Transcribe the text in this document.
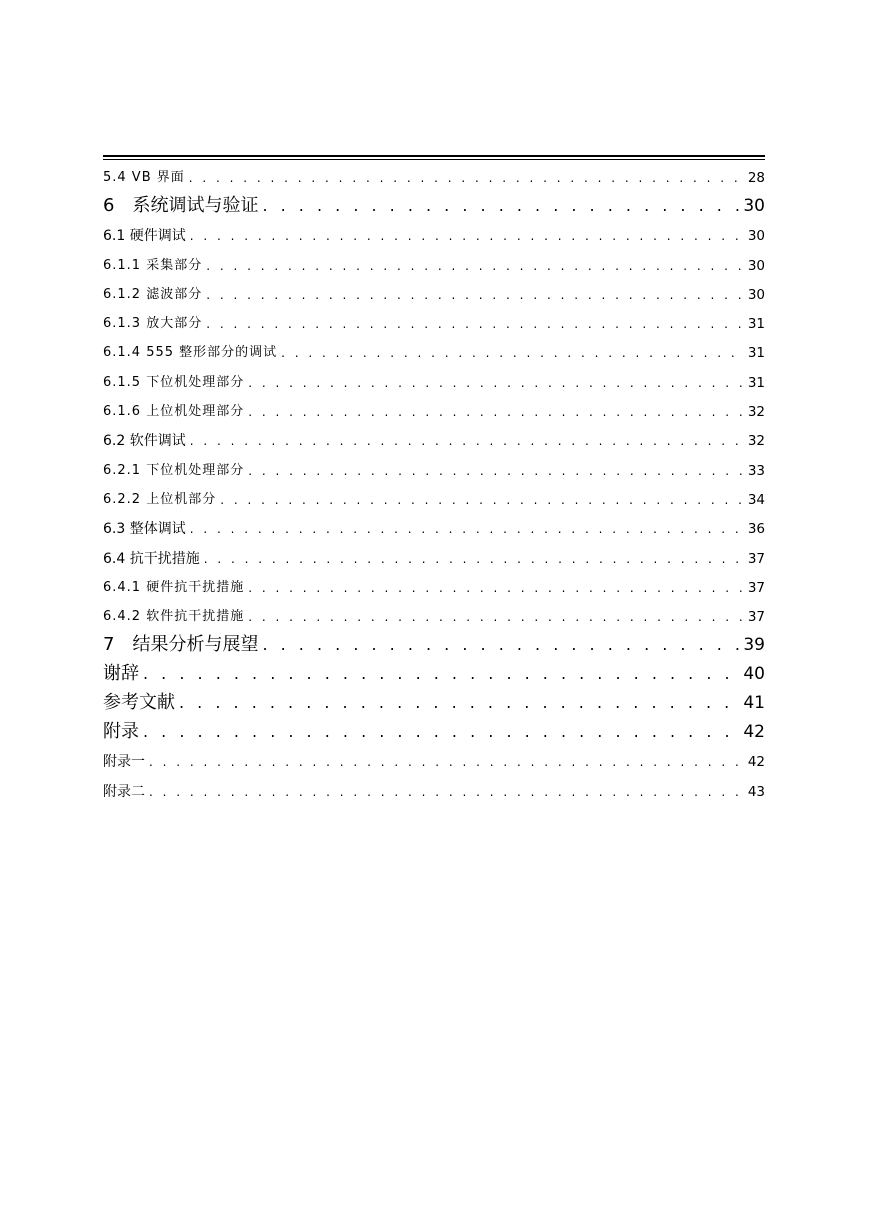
5.4 VB 界面 . . .	28
6　系统调试与验证 . . .	30
6.1 硬件调试 . . .	30
6.1.1 采集部分 . . .	30
6.1.2 滤波部分 . . .	30
6.1.3 放大部分 . . .	31
6.1.4 555 整形部分的调试 . . .	31
6.1.5 下位机处理部分 . . .	31
6.1.6 上位机处理部分 . . .	32
6.2 软件调试 . . .	32
6.2.1 下位机处理部分 . . .	33
6.2.2 上位机部分 . . .	34
6.3 整体调试 . . .	36
6.4 抗干扰措施 . . .	37
6.4.1 硬件抗干扰措施 . . .	37
6.4.2 软件抗干扰措施 . . .	37
7　结果分析与展望 . . .	39
谢辞 . . .	40
参考文献 . . .	41
附录 . . .	42
附录一 . . .	42
附录二 . . .	43
